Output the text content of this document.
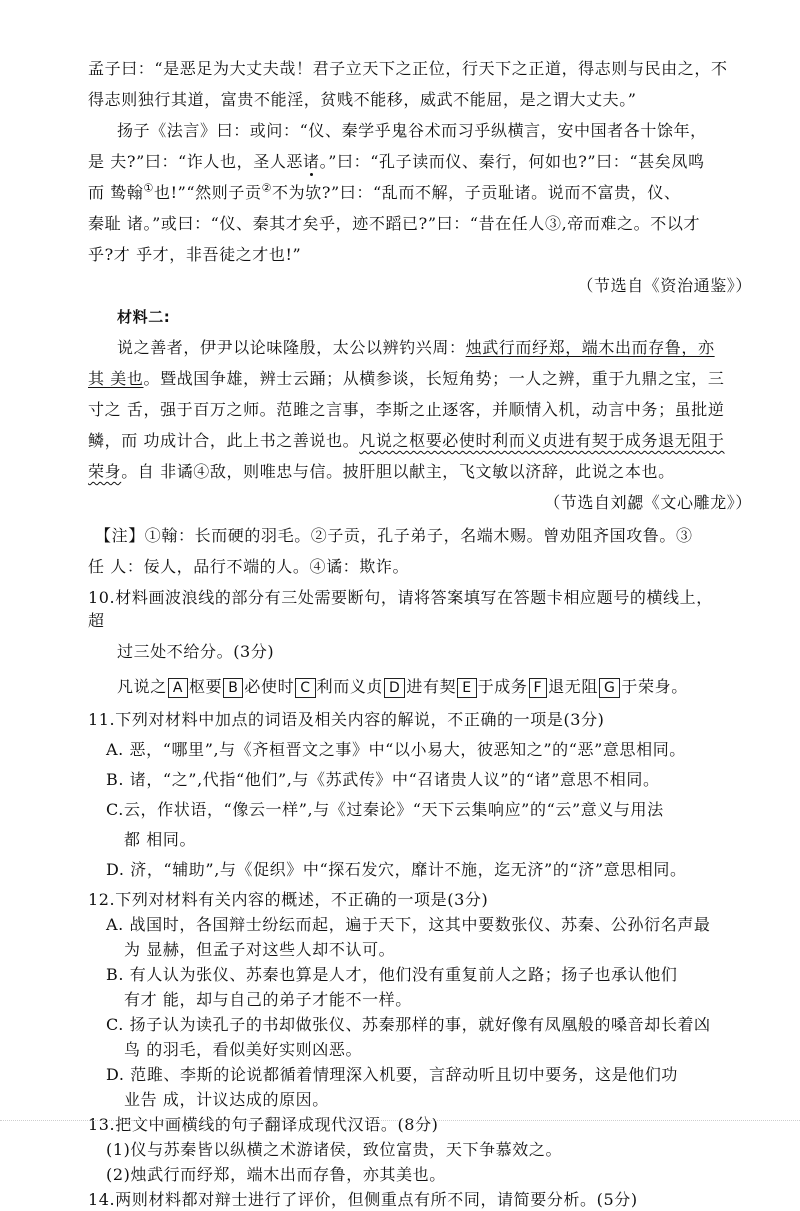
孟子曰：“是恶足为大丈夫哉！君子立天下之正位，行天下之正道，得志则与民由之，不
得志则独行其道，富贵不能淫，贫贱不能移，威武不能屈，是之谓大丈夫。”
扬子《法言》曰：或问：“仪、秦学乎鬼谷术而习乎纵横言，安中国者各十馀年，
是 夫?”曰：“诈人也，圣人恶诸。”曰：“孔子读而仪、秦行，何如也?”曰：“甚矣凤鸣
而 鸷翰①也!”“然则子贡②不为欤?”曰：“乱而不解，子贡耻诸。说而不富贵，仪、
秦耻 诸。”或曰：“仪、秦其才矣乎，迹不蹈已?”曰：“昔在任人③,帝而难之。不以才
乎?才 乎才，非吾徒之才也!”
（节选自《资治通鉴》）
材料二:
说之善者，伊尹以论味隆殷，太公以辨钓兴周：烛武行而纾郑，端木出而存鲁，亦
其 美也。暨战国争雄，辨士云踊；从横参谈，长短角势；一人之辨，重于九鼎之宝，三
寸之 舌，强于百万之师。范雎之言事，李斯之止逐客，并顺情入机，动言中务；虽批逆
鳞，而 功成计合，此上书之善说也。凡说之枢要必使时利而义贞进有契于成务退无阻于
荣身。自 非谲④敌，则唯忠与信。披肝胆以献主，飞文敏以济辞，此说之本也。
（节选自刘勰《文心雕龙》）
【注】①翰：长而硬的羽毛。②子贡，孔子弟子，名端木赐。曾劝阻齐国攻鲁。③
任 人：佞人，品行不端的人。④谲：欺诈。
10.材料画波浪线的部分有三处需要断句，请将答案填写在答题卡相应题号的横线上，
超
过三处不给分。(3分)
凡说之 A 枢要 B 必使时 C 利而义贞 D 进有契 E 于成务 F 退无阻 G 于荣身。
11.下列对材料中加点的词语及相关内容的解说，不正确的一项是(3分)
A. 恶，“哪里”,与《齐桓晋文之事》中“以小易大，彼恶知之”的“恶”意思相同。
B. 诸，“之”,代指“他们”,与《苏武传》中“召诸贵人议”的“诸”意思不相同。
C.云，作状语，“像云一样”,与《过秦论》“天下云集响应”的“云”意义与用法
都 相同。
D. 济，“辅助”,与《促织》中“探石发穴，靡计不施，迄无济”的“济”意思相同。
12.下列对材料有关内容的概述，不正确的一项是(3分)
A. 战国时，各国辩士纷纭而起，遍于天下，这其中要数张仪、苏秦、公孙衍名声最
为 显赫，但孟子对这些人却不认可。
B. 有人认为张仪、苏秦也算是人才，他们没有重复前人之路；扬子也承认他们
有才 能，却与自己的弟子才能不一样。
C. 扬子认为读孔子的书却做张仪、苏秦那样的事，就好像有凤凰般的嗓音却长着凶
鸟 的羽毛，看似美好实则凶恶。
D. 范雎、李斯的论说都循着情理深入机要，言辞动听且切中要务，这是他们功
业告 成，计议达成的原因。
13.把文中画横线的句子翻译成现代汉语。(8分)
(1)仪与苏秦皆以纵横之术游诸侯，致位富贵，天下争慕效之。
(2)烛武行而纾郑，端木出而存鲁，亦其美也。
14.两则材料都对辩士进行了评价，但侧重点有所不同，请简要分析。(5分)
